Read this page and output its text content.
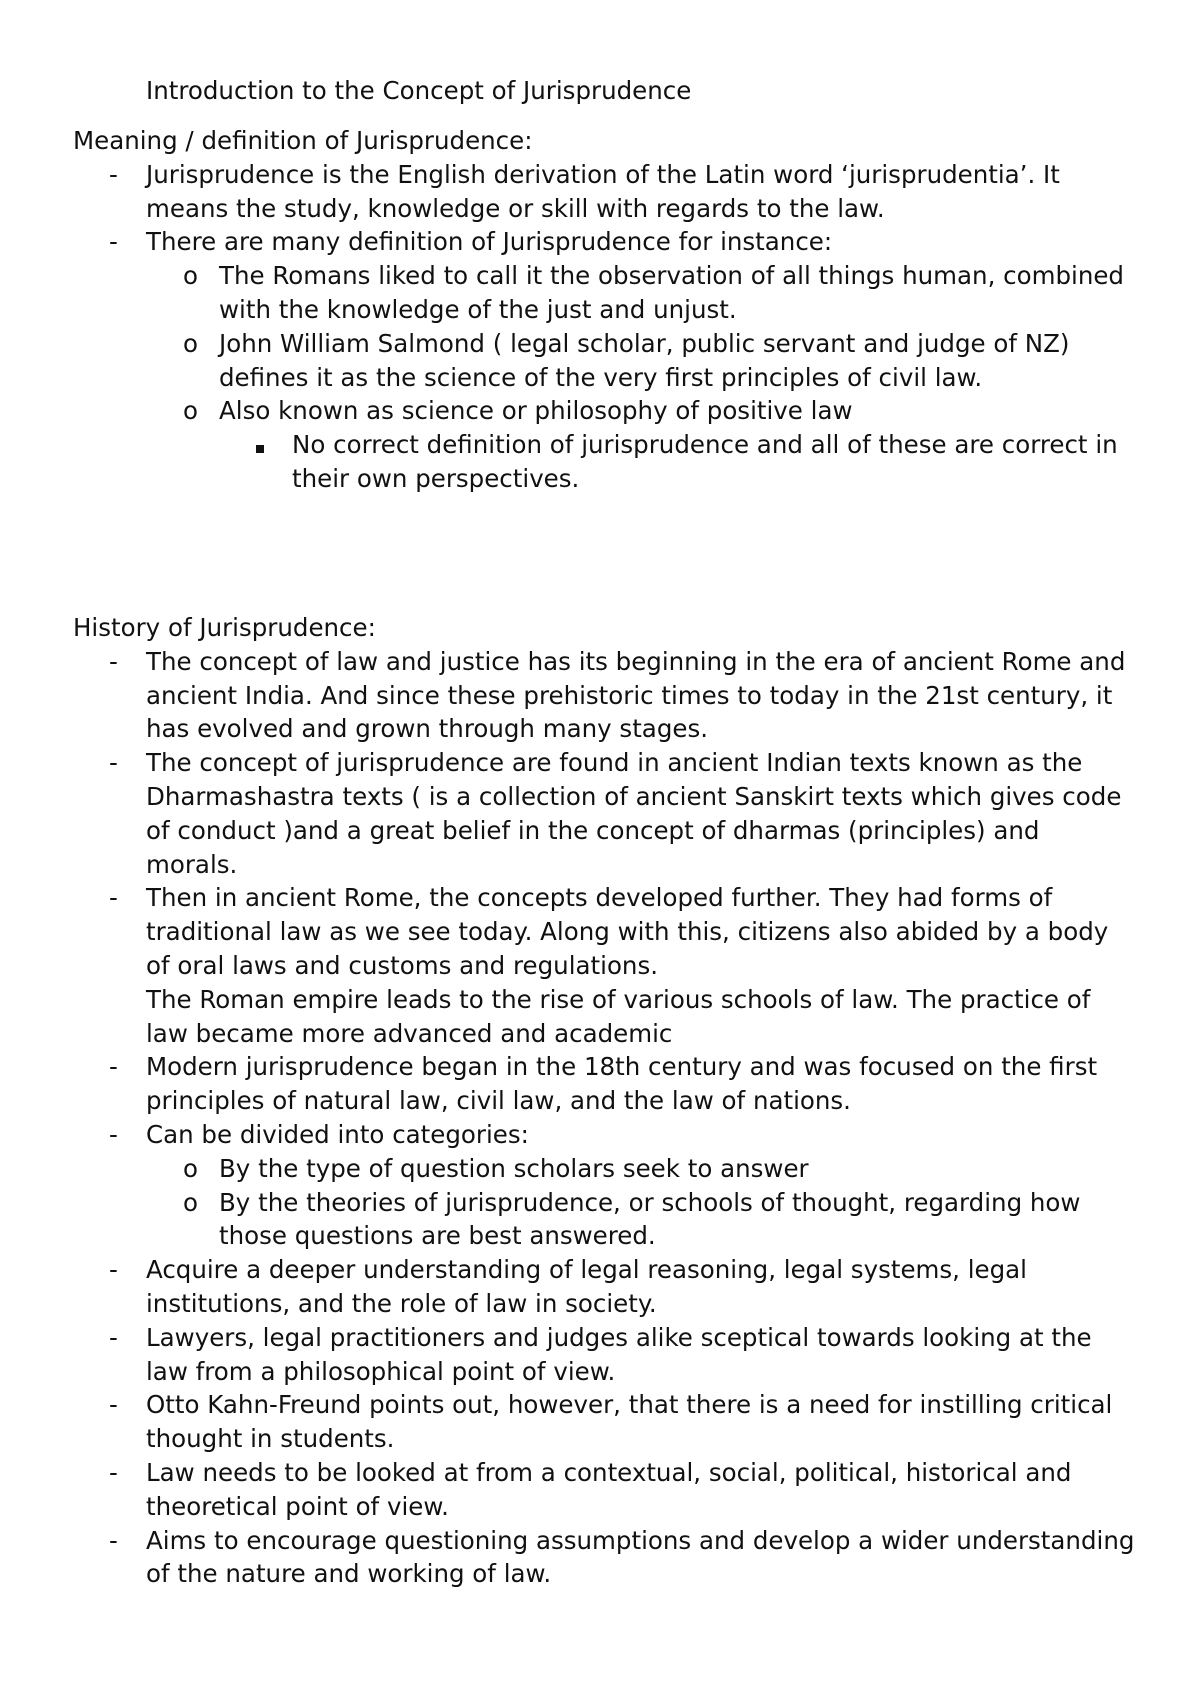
Introduction to the Concept of Jurisprudence
Meaning / definition of Jurisprudence:
- Jurisprudence is the English derivation of the Latin word ‘jurisprudentia’. It means the study, knowledge or skill with regards to the law.
- There are many definition of Jurisprudence for instance:
o The Romans liked to call it the observation of all things human, combined with the knowledge of the just and unjust.
o John William Salmond ( legal scholar, public servant and judge of NZ) defines it as the science of the very first principles of civil law.
o Also known as science or philosophy of positive law
No correct definition of jurisprudence and all of these are correct in their own perspectives.
History of Jurisprudence:
- The concept of law and justice has its beginning in the era of ancient Rome and ancient India. And since these prehistoric times to today in the 21st century, it has evolved and grown through many stages.
- The concept of jurisprudence are found in ancient Indian texts known as the Dharmashastra texts ( is a collection of ancient Sanskirt texts which gives code of conduct )and a great belief in the concept of dharmas (principles) and morals.
- Then in ancient Rome, the concepts developed further. They had forms of traditional law as we see today. Along with this, citizens also abided by a body of oral laws and customs and regulations.
The Roman empire leads to the rise of various schools of law. The practice of law became more advanced and academic
- Modern jurisprudence began in the 18th century and was focused on the first principles of natural law, civil law, and the law of nations.
- Can be divided into categories:
o By the type of question scholars seek to answer
o By the theories of jurisprudence, or schools of thought, regarding how those questions are best answered.
- Acquire a deeper understanding of legal reasoning, legal systems, legal institutions, and the role of law in society.
- Lawyers, legal practitioners and judges alike sceptical towards looking at the law from a philosophical point of view.
- Otto Kahn-Freund points out, however, that there is a need for instilling critical thought in students.
- Law needs to be looked at from a contextual, social, political, historical and theoretical point of view.
- Aims to encourage questioning assumptions and develop a wider understanding of the nature and working of law.
